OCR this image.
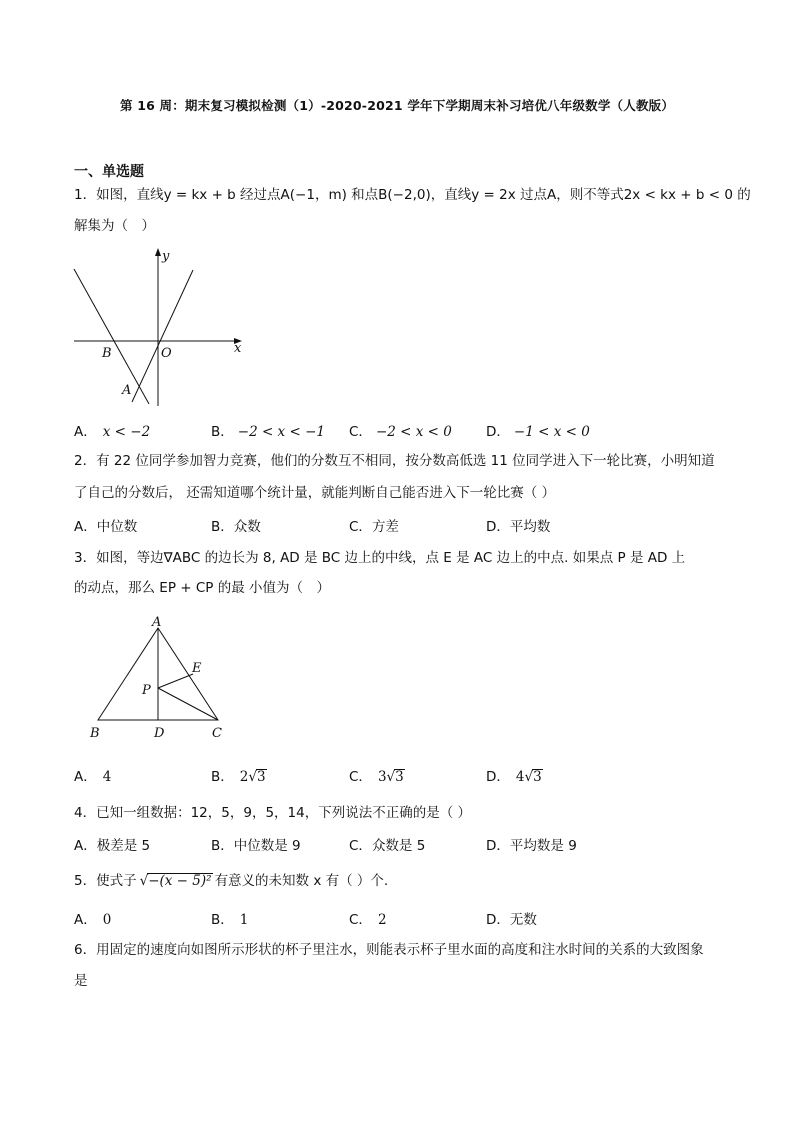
第 16 周：期末复习模拟检测（1）-2020-2021 学年下学期周末补习培优八年级数学（人教版）
一、单选题
1．如图，直线y = kx + b 经过点A(−1，m) 和点B(−2,0)，直线y = 2x 过点A，则不等式2x < kx + b < 0 的
解集为（　）
y
x
B	O
A
A． x < −2	B． −2 < x < −1 C． −2 < x < 0	D． −1 < x < 0
2．有 22 位同学参加智力竞赛，他们的分数互不相同，按分数高低选 11 位同学进入下一轮比赛，小明知道
了自己的分数后， 还需知道哪个统计量，就能判断自己能否进入下一轮比赛（ ）
A．中位数	B．众数	C．方差	D．平均数
3．如图，等边∇ABC 的边长为 8, AD 是 BC 边上的中线，点 E 是 AC 边上的中点. 如果点 P 是 AD 上
的动点，那么 EP + CP 的最 小值为（　）
A
E
P
B	D	C
A． 4	B． 2√3	C． 3√3	D． 4√3
4．已知一组数据：12，5，9，5，14，下列说法不正确的是（ ）
A．极差是 5	B．中位数是 9	C．众数是 5	D．平均数是 9
5．使式子 √−(x − 5)² 有意义的未知数 x 有（ ）个.
A． 0	B． 1	C． 2	D．无数
6．用固定的速度向如图所示形状的杯子里注水，则能表示杯子里水面的高度和注水时间的关系的大致图象
是
